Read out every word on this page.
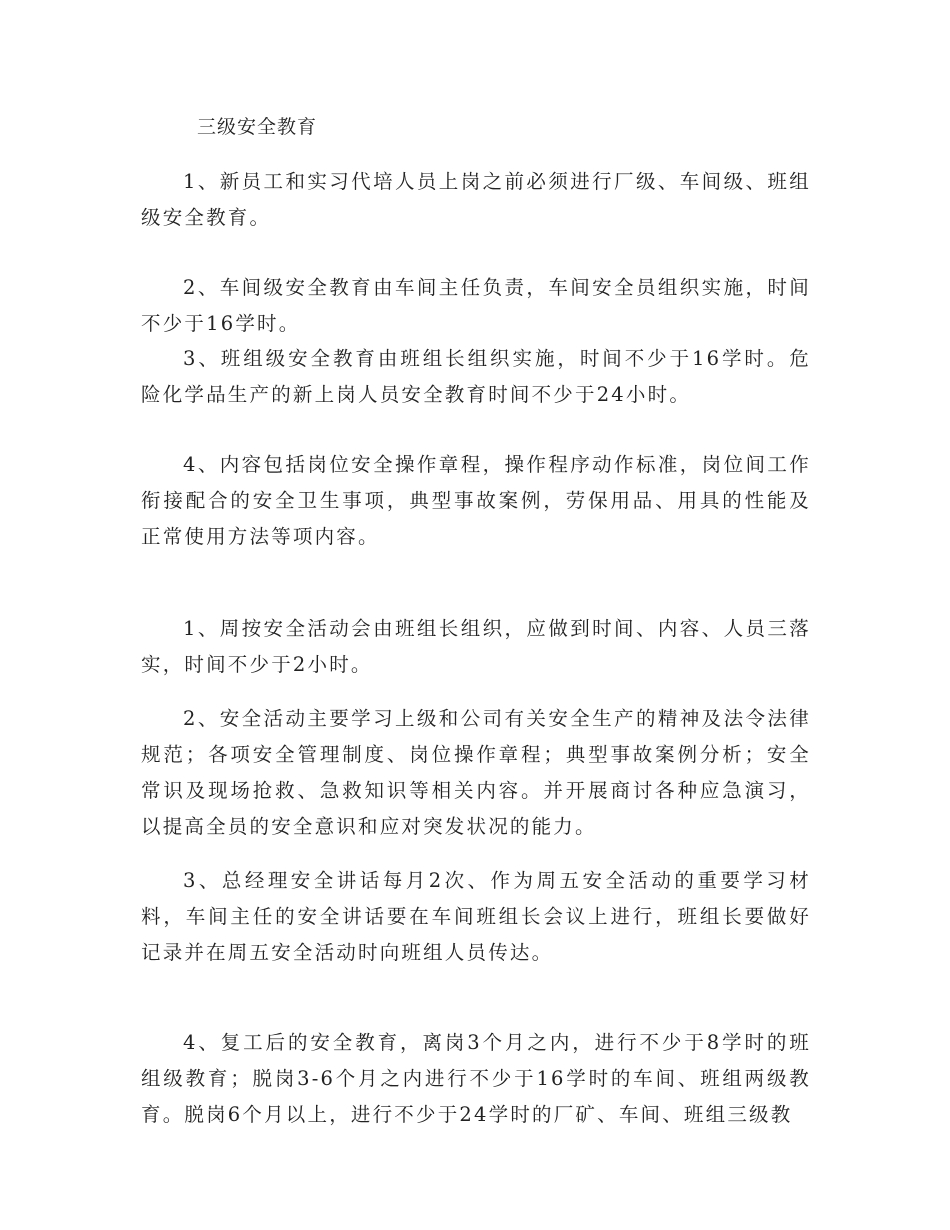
三级安全教育

1、新员工和实习代培人员上岗之前必须进行厂级、车间级、班组级安全教育。

2、车间级安全教育由车间主任负责，车间安全员组织实施，时间不少于16学时。

3、班组级安全教育由班组长组织实施，时间不少于16学时。危险化学品生产的新上岗人员安全教育时间不少于24小时。

4、内容包括岗位安全操作章程，操作程序动作标准，岗位间工作衔接配合的安全卫生事项，典型事故案例，劳保用品、用具的性能及正常使用方法等项内容。

1、周按安全活动会由班组长组织，应做到时间、内容、人员三落实，时间不少于2小时。

2、安全活动主要学习上级和公司有关安全生产的精神及法令法律规范；各项安全管理制度、岗位操作章程；典型事故案例分析；安全常识及现场抢救、急救知识等相关内容。并开展商讨各种应急演习，以提高全员的安全意识和应对突发状况的能力。

3、总经理安全讲话每月2次、作为周五安全活动的重要学习材料，车间主任的安全讲话要在车间班组长会议上进行，班组长要做好记录并在周五安全活动时向班组人员传达。

4、复工后的安全教育，离岗3个月之内，进行不少于8学时的班组级教育；脱岗3-6个月之内进行不少于16学时的车间、班组两级教育。脱岗6个月以上，进行不少于24学时的厂矿、车间、班组三级教
